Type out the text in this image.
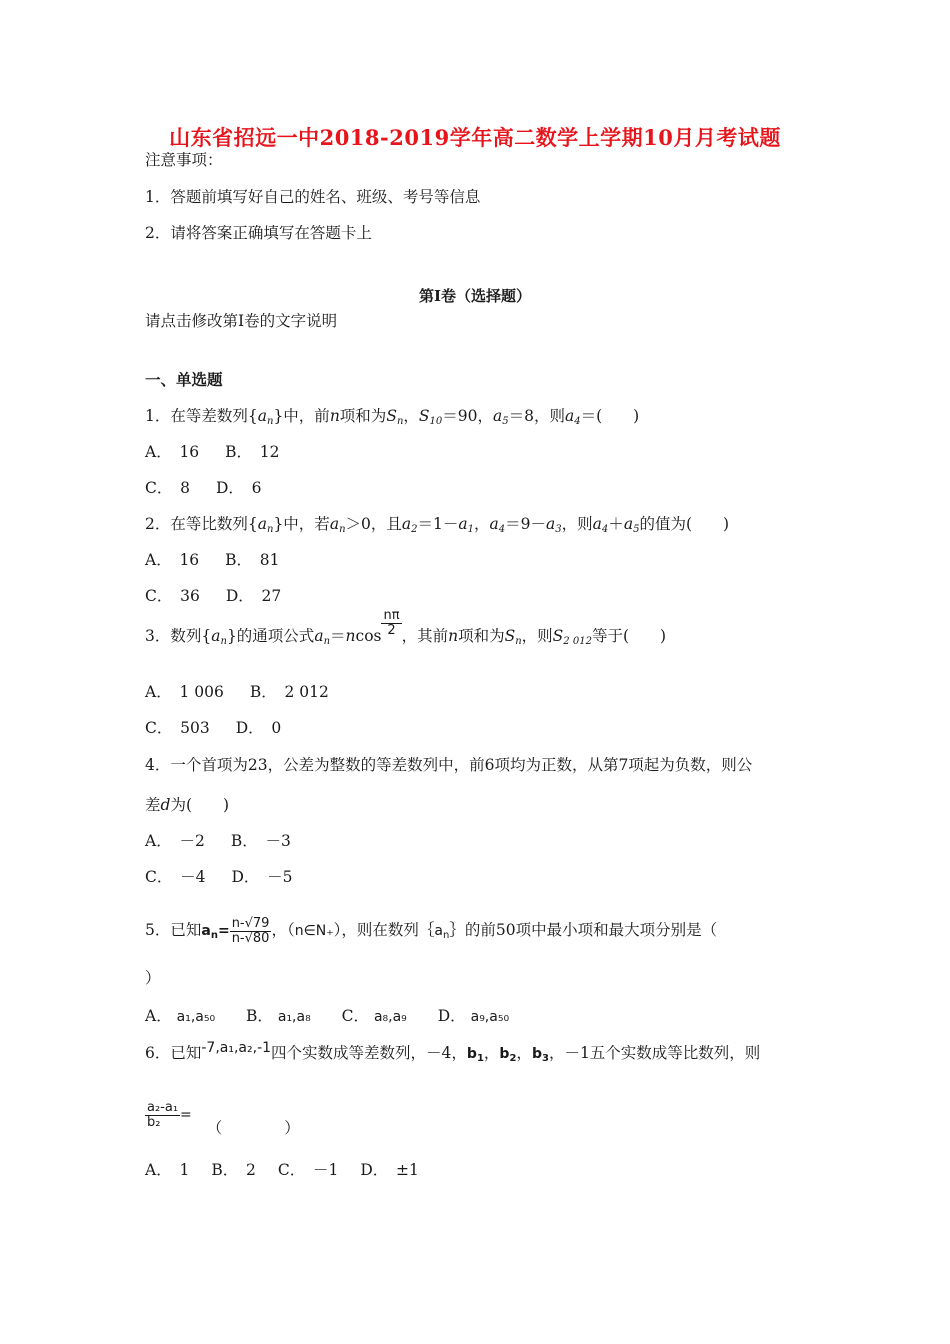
山东省招远一中2018-2019学年高二数学上学期10月月考试题
注意事项：
1．答题前填写好自己的姓名、班级、考号等信息
2．请将答案正确填写在答题卡上
第I卷（选择题）
请点击修改第I卷的文字说明
一、单选题
1．在等差数列$\{a_n\}$中，前n项和为$S_n$，$S_{10}=90$，$a_5=8$，则$a_4=$(　　)
A．　16 B．　12
C．　8 D．　6
2．在等比数列$\{a_n\}$中，若$a_n>0$，且$a_2=1-a_1$，$a_4=9-a_3$，则$a_4+a_5$的值为(　　)
A．　16 B．　81
C．　36 D．　27
3．数列$\{a_n\}$的通项公式$a_n=ncos \frac{n\pi}{2}$ ，其前n项和为$S_n$，则$S_{2 012}$等于(　　)
A．　1 006 B．　2 012
C．　503 D．　0
4．一个首项为23，公差为整数的等差数列中，前6项均为正数，从第7项起为负数，则公
差d为(　　)
A．　－2 B．　－3
C．　－4 D．　－5
5．已知$a_n= \frac{n-√79}{n-√80}$ ，（n∈N₊），则在数列$\{a_n\}$的前50项中最小项和最大项分别是（
）
A． a₁,a₅₀ B． a₁,a₈ C． a₈,a₉ D． a₉,a₅₀
6．已知-7,a₁,a₂,-1四个实数成等差数列，－4，$b_1$，$b_2$，$b_3$，－1五个实数成等比数列，则
$\frac{\text{a₂-a₁}}{\text{b₂}}$ = （　　　　）
A．　1 B．　2 C．　－1 D．　±1
